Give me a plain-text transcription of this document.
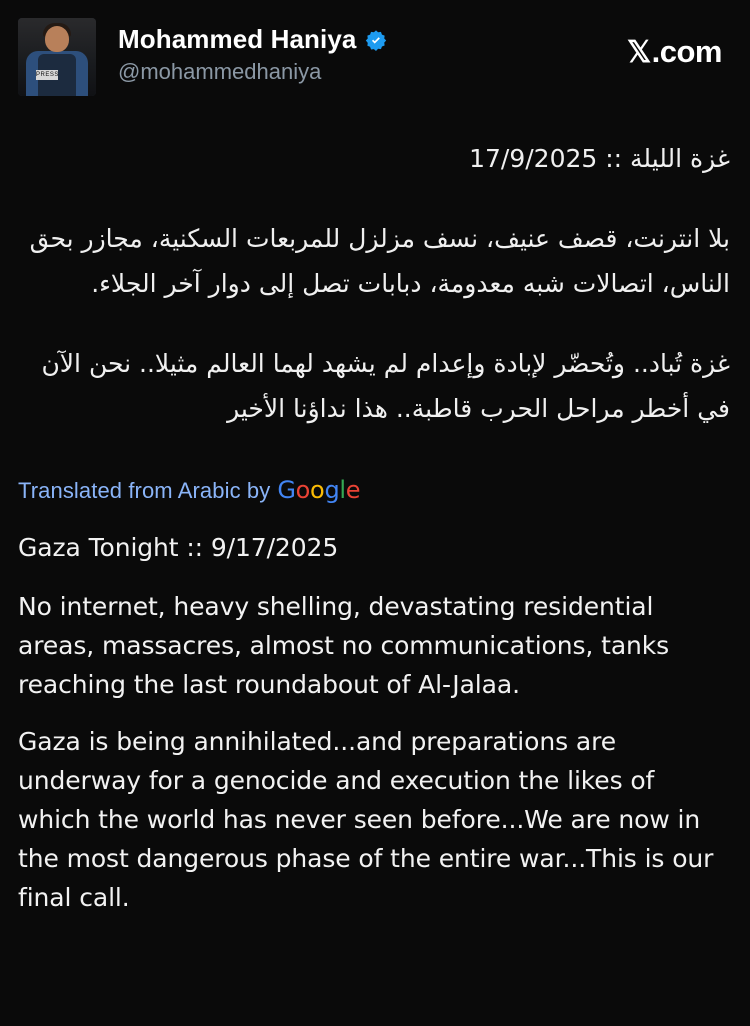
PRESS
Mohammed Haniya
@mohammedhaniya
𝕏 .com

غزة الليلة :: 17/9/2025

بلا انترنت، قصف عنيف، نسف مزلزل للمربعات السكنية، مجازر بحق الناس، اتصالات شبه معدومة، دبابات تصل إلى دوار آخر الجلاء.

غزة تُباد.. وتُحضّر لإبادة وإعدام لم يشهد لهما العالم مثيلا.. نحن الآن في أخطر مراحل الحرب قاطبة.. هذا نداؤنا الأخير

Translated from Arabic by Google

Gaza Tonight :: 9/17/2025

No internet, heavy shelling, devastating residential areas, massacres, almost no communications, tanks reaching the last roundabout of Al-Jalaa.

Gaza is being annihilated...and preparations are underway for a genocide and execution the likes of which the world has never seen before...We are now in the most dangerous phase of the entire war...This is our final call.
